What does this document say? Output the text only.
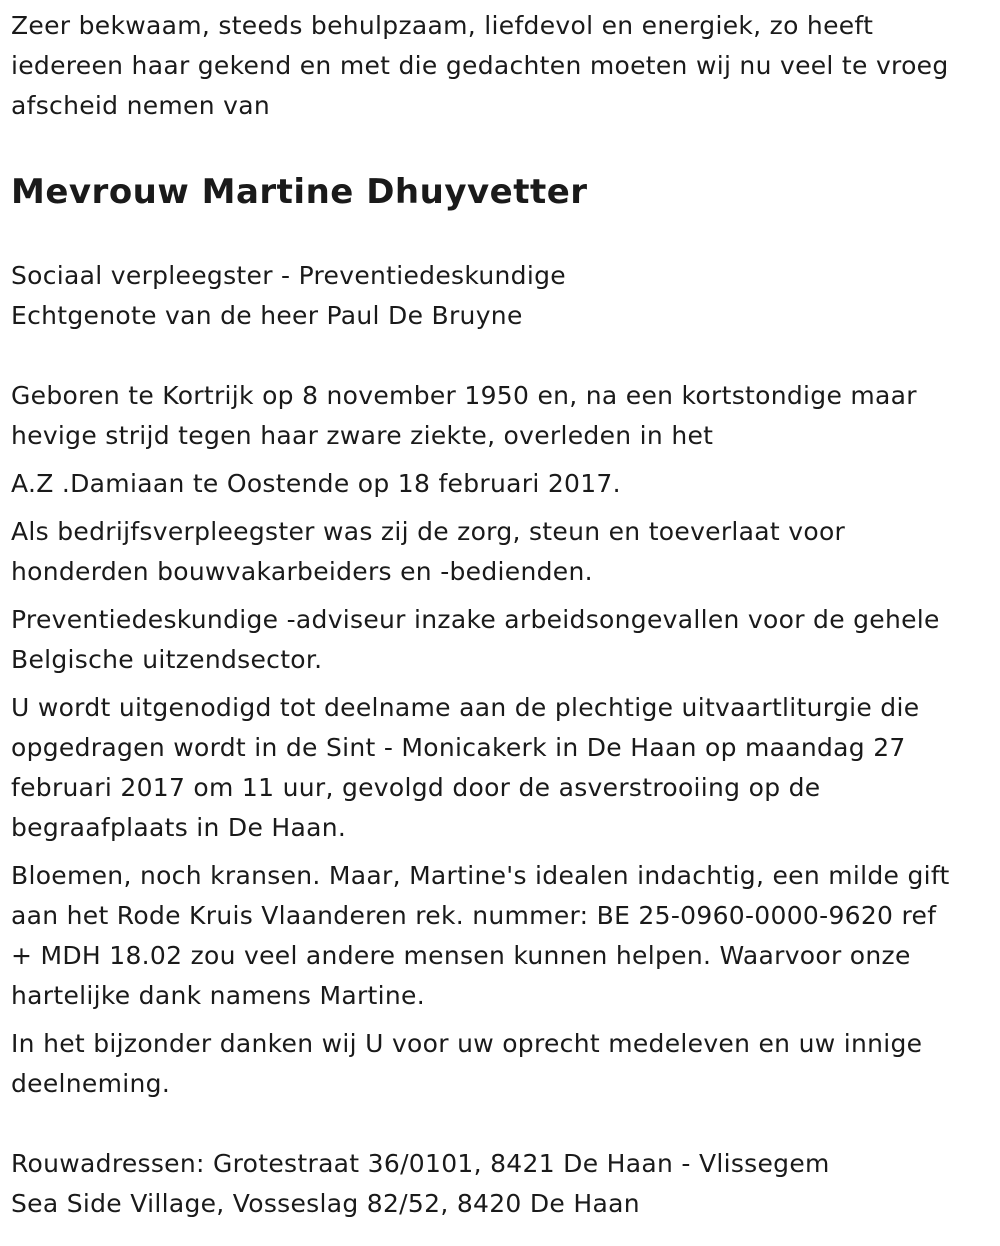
Zeer bekwaam, steeds behulpzaam, liefdevol en energiek, zo heeft
iedereen haar gekend en met die gedachten moeten wij nu veel te vroeg
afscheid nemen van
Mevrouw Martine Dhuyvetter
Sociaal verpleegster - Preventiedeskundige
Echtgenote van de heer Paul De Bruyne
Geboren te Kortrijk op 8 november 1950 en, na een kortstondige maar
hevige strijd tegen haar zware ziekte, overleden in het
A.Z .Damiaan te Oostende op 18 februari 2017.
Als bedrijfsverpleegster was zij de zorg, steun en toeverlaat voor
honderden bouwvakarbeiders en -bedienden.
Preventiedeskundige -adviseur inzake arbeidsongevallen voor de gehele
Belgische uitzendsector.
U wordt uitgenodigd tot deelname aan de plechtige uitvaartliturgie die
opgedragen wordt in de Sint - Monicakerk in De Haan op maandag 27
februari 2017 om 11 uur, gevolgd door de asverstrooiing op de
begraafplaats in De Haan.
Bloemen, noch kransen. Maar, Martine's idealen indachtig, een milde gift
aan het Rode Kruis Vlaanderen rek. nummer: BE 25-0960-0000-9620 ref
+ MDH 18.02 zou veel andere mensen kunnen helpen. Waarvoor onze
hartelijke dank namens Martine.
In het bijzonder danken wij U voor uw oprecht medeleven en uw innige
deelneming.
Rouwadressen: Grotestraat 36/0101, 8421 De Haan - Vlissegem
Sea Side Village, Vosseslag 82/52, 8420 De Haan
